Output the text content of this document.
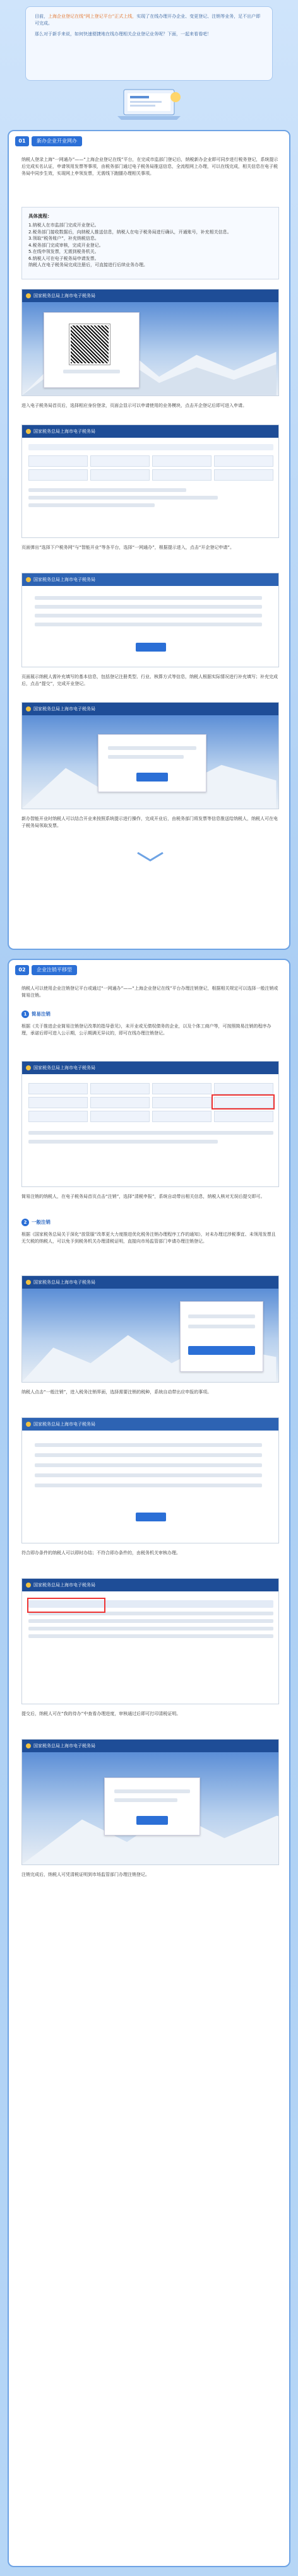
目前，上海企业登记在线“网上登记平台”正式上线，实现了在线办理开办企业、变更登记、注销等业务，足不出户即可完成。

那么对于新手来说，如何快速便捷地在线办理相关企业登记业务呢？下面，一起来看看吧！

01	新办企业开业网办
纳税人登录上海“一网通办”——“上海企业登记在线”平台，在完成市监部门登记后，纳税新办企业即可同步进行税务登记，系统提示后完成实名认证，申请领用发票等事项，由税务部门通过电子税务局推送信息，全流程网上办理，可以在线完成，相关信息在电子税务局中同步生效，实现网上申领发票，无需线下跑腿办理相关事项。
具体流程：
1.纳税人在市监部门完成开业登记。
2.税务部门接收数据后，向纳税人推送信息，纳税人在电子税务局进行确认，开通账号，补充相关信息。
3.领取“税务账户”，补充纳税信息。
4.税务部门完成审核，完成开业登记。
5.在线申领发票，无需到税务机关。
6.纳税人可在电子税务局申请发票。
纳税人在电子税务局完成注册后，可直接进行后续业务办理。
国家税务总局上海市电子税务局
进入电子税务局首页后，选择相应身份登录，页面会显示可以申请使用的业务模块，点击开企登记后即可进入申请。
国家税务总局上海市电子税务局
页面弹出“选择下户税务网”与“智能开业”等各平台，选择“一网通办”，根据提示进入，点击“开企登记申请”。
国家税务总局上海市电子税务局
页面展示纳税人需补充填写的基本信息，包括登记注册类型、行业、核算方式等信息，纳税人根据实际情况进行补充填写；补充完成后，点击“提交”，完成开业登记。
国家税务总局上海市电子税务局
新办智能开业时纳税人可以结合开业来按照系统提示进行操作，完成开业后，由税务部门将发票等信息推送给纳税人，纳税人可在电子税务局领取发票。
02	企业注销平移型
纳税人可以使用企业注销登记平台或通过“一网通办”——“上海企业登记在线”平台办理注销登记，根据相关规定可以选择一般注销或简易注销。
1 简易注销
根据《关于推进企业简易注销登记改革的指导意见》，未开业或无债权债务的企业，以及个体工商户等，可按照简易注销的程序办理，承诺后即可进入公示期，公示期满无异议的，即可在线办理注销登记。
国家税务总局上海市电子税务局
简易注销的纳税人，在电子税务局首页点击“注销”，选择“清税申报”，系统自动带出相关信息，纳税人核对无误后提交即可。
2 一般注销
根据《国家税务总局关于深化“放管服”改革更大力度推进优化税务注销办理程序工作的通知》，对未办理过涉税事宜、未领用发票且无欠税的纳税人，可以免予到税务机关办理清税证明，直接向市场监管部门申请办理注销登记。
国家税务总局上海市电子税务局
纳税人点击“一般注销”，进入税务注销界面，选择需要注销的税种，系统自动带出应申报的事项。
国家税务总局上海市电子税务局
符合即办条件的纳税人可以即时办结；不符合即办条件的，由税务机关审核办理。
国家税务总局上海市电子税务局
提交后，纳税人可在“我的待办”中查看办理进度，审核通过后即可打印清税证明。
国家税务总局上海市电子税务局
注销完成后，纳税人可凭清税证明到市场监管部门办理注销登记。
